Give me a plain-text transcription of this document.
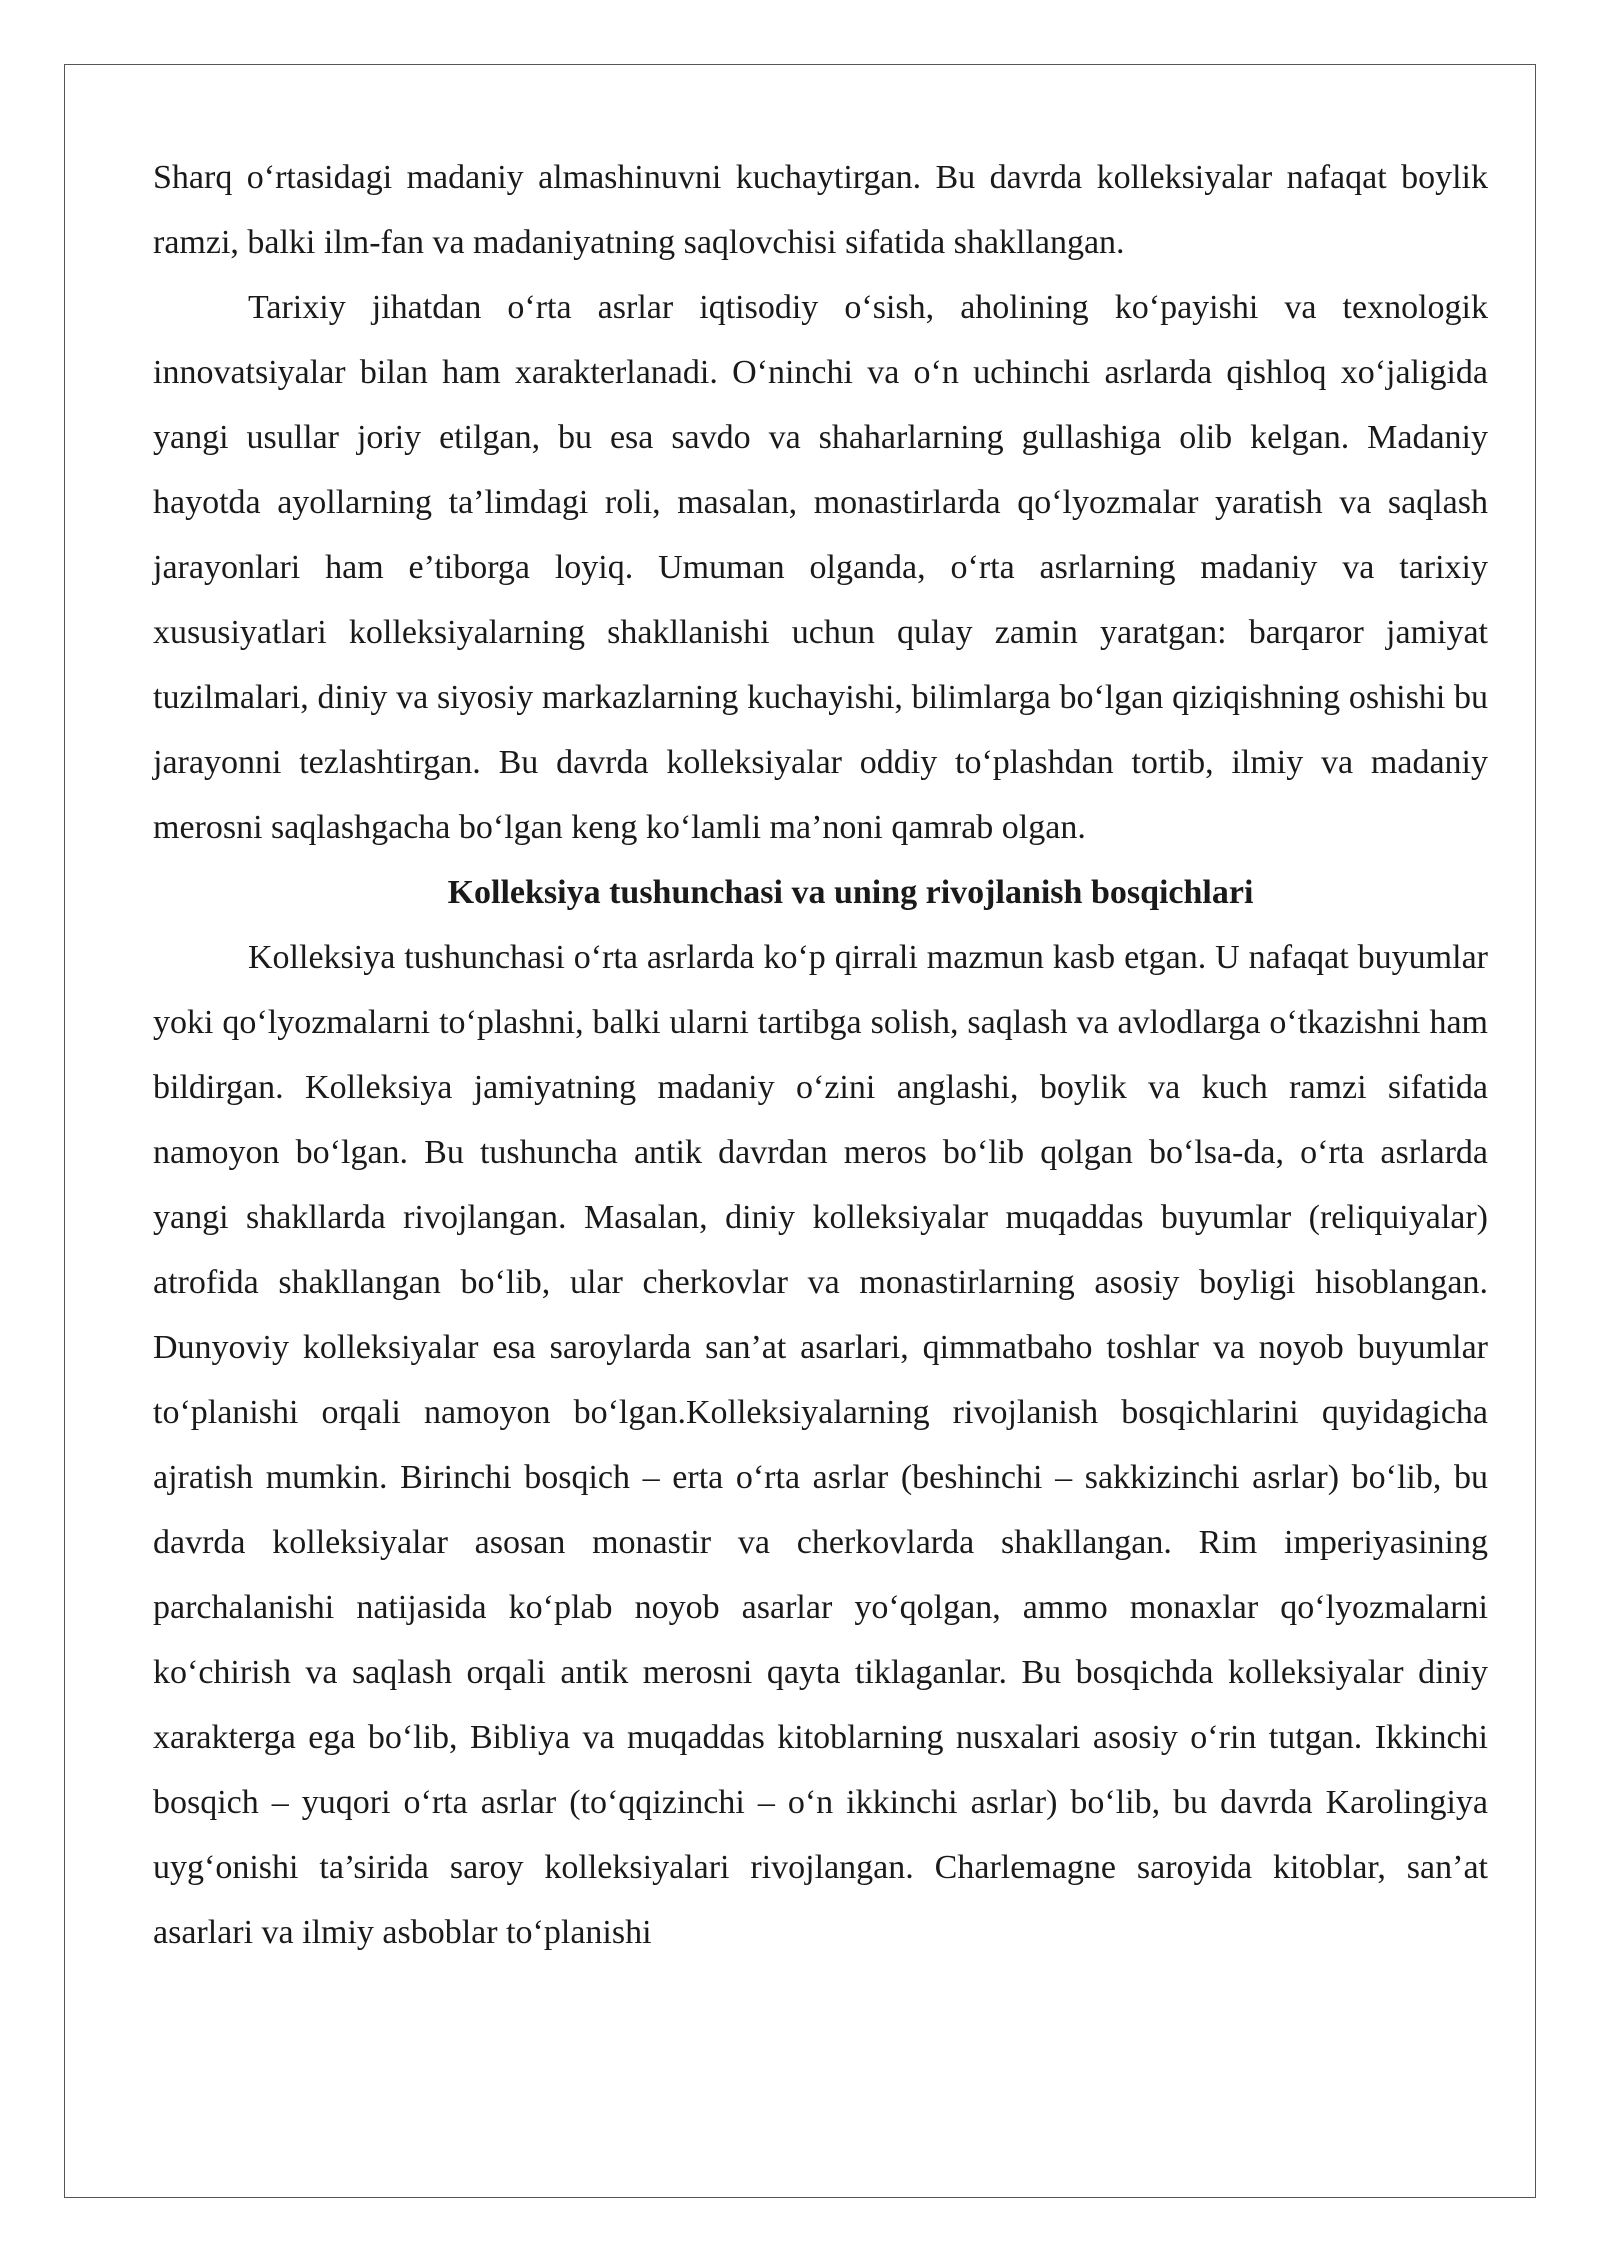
Sharq o‘rtasidagi madaniy almashinuvni kuchaytirgan. Bu davrda kolleksiyalar nafaqat boylik ramzi, balki ilm-fan va madaniyatning saqlovchisi sifatida shakllangan.

Tarixiy jihatdan o‘rta asrlar iqtisodiy o‘sish, aholining ko‘payishi va texnologik innovatsiyalar bilan ham xarakterlanadi. O‘ninchi va o‘n uchinchi asrlarda qishloq xo‘jaligida yangi usullar joriy etilgan, bu esa savdo va shaharlarning gullashiga olib kelgan. Madaniy hayotda ayollarning ta’limdagi roli, masalan, monastirlarda qo‘lyozmalar yaratish va saqlash jarayonlari ham e’tiborga loyiq. Umuman olganda, o‘rta asrlarning madaniy va tarixiy xususiyatlari kolleksiyalarning shakllanishi uchun qulay zamin yaratgan: barqaror jamiyat tuzilmalari, diniy va siyosiy markazlarning kuchayishi, bilimlarga bo‘lgan qiziqishning oshishi bu jarayonni tezlashtirgan. Bu davrda kolleksiyalar oddiy to‘plashdan tortib, ilmiy va madaniy merosni saqlashgacha bo‘lgan keng ko‘lamli ma’noni qamrab olgan.

Kolleksiya tushunchasi va uning rivojlanish bosqichlari

Kolleksiya tushunchasi o‘rta asrlarda ko‘p qirrali mazmun kasb etgan. U nafaqat buyumlar yoki qo‘lyozmalarni to‘plashni, balki ularni tartibga solish, saqlash va avlodlarga o‘tkazishni ham bildirgan. Kolleksiya jamiyatning madaniy o‘zini anglashi, boylik va kuch ramzi sifatida namoyon bo‘lgan. Bu tushuncha antik davrdan meros bo‘lib qolgan bo‘lsa-da, o‘rta asrlarda yangi shakllarda rivojlangan. Masalan, diniy kolleksiyalar muqaddas buyumlar (reliquiyalar) atrofida shakllangan bo‘lib, ular cherkovlar va monastirlarning asosiy boyligi hisoblangan. Dunyoviy kolleksiyalar esa saroylarda san’at asarlari, qimmatbaho toshlar va noyob buyumlar to‘planishi orqali namoyon bo‘lgan.Kolleksiyalarning rivojlanish bosqichlarini quyidagicha ajratish mumkin. Birinchi bosqich – erta o‘rta asrlar (beshinchi – sakkizinchi asrlar) bo‘lib, bu davrda kolleksiyalar asosan monastir va cherkovlarda shakllangan. Rim imperiyasining parchalanishi natijasida ko‘plab noyob asarlar yo‘qolgan, ammo monaxlar qo‘lyozmalarni ko‘chirish va saqlash orqali antik merosni qayta tiklaganlar. Bu bosqichda kolleksiyalar diniy xarakterga ega bo‘lib, Bibliya va muqaddas kitoblarning nusxalari asosiy o‘rin tutgan. Ikkinchi bosqich – yuqori o‘rta asrlar (to‘qqizinchi – o‘n ikkinchi asrlar) bo‘lib, bu davrda Karolingiya uyg‘onishi ta’sirida saroy kolleksiyalari rivojlangan. Charlemagne saroyida kitoblar, san’at asarlari va ilmiy asboblar to‘planishi
